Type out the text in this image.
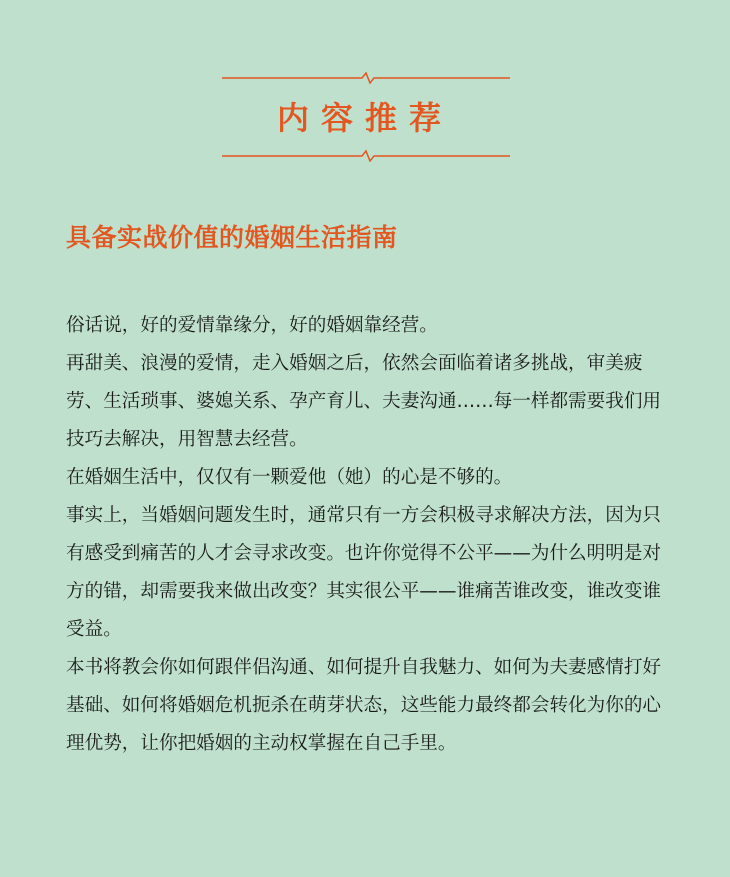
内容推荐
具备实战价值的婚姻生活指南

俗话说，好的爱情靠缘分，好的婚姻靠经营。

再甜美、浪漫的爱情，走入婚姻之后，依然会面临着诸多挑战，审美疲劳、生活琐事、婆媳关系、孕产育儿、夫妻沟通……每一样都需要我们用技巧去解决，用智慧去经营。

在婚姻生活中，仅仅有一颗爱他（她）的心是不够的。

事实上，当婚姻问题发生时，通常只有一方会积极寻求解决方法，因为只有感受到痛苦的人才会寻求改变。也许你觉得不公平——为什么明明是对方的错，却需要我来做出改变？其实很公平——谁痛苦谁改变，谁改变谁受益。

本书将教会你如何跟伴侣沟通、如何提升自我魅力、如何为夫妻感情打好基础、如何将婚姻危机扼杀在萌芽状态，这些能力最终都会转化为你的心理优势，让你把婚姻的主动权掌握在自己手里。
